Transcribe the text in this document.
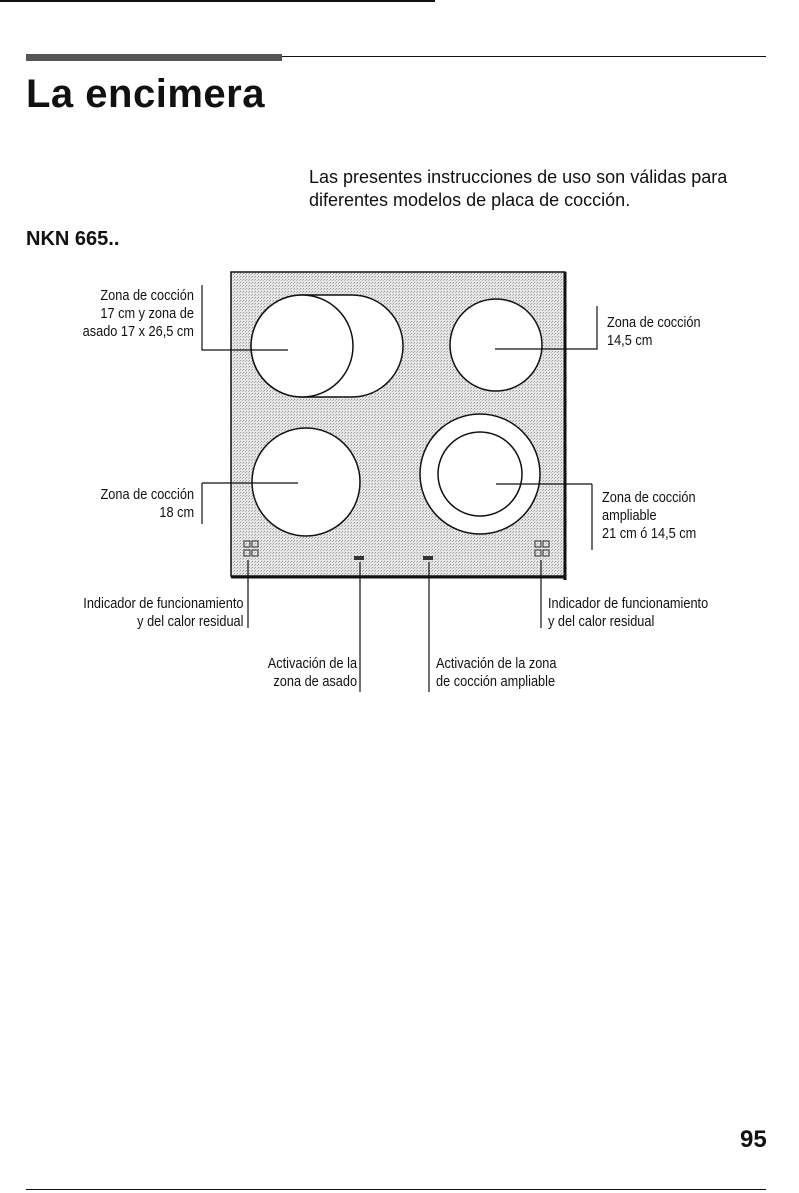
La encimera
Las presentes instrucciones de uso son válidas para diferentes modelos de placa de cocción.
NKN 665..
Zona de cocción
17 cm y zona de
asado 17 x 26,5 cm
Zona de cocción
14,5 cm
Zona de cocción
18 cm
Zona de cocción
ampliable
21 cm ó 14,5 cm
Indicador de funcionamiento
y del calor residual
Indicador de funcionamiento
y del calor residual
Activación de la
zona de asado
Activación de la zona
de cocción ampliable
95
